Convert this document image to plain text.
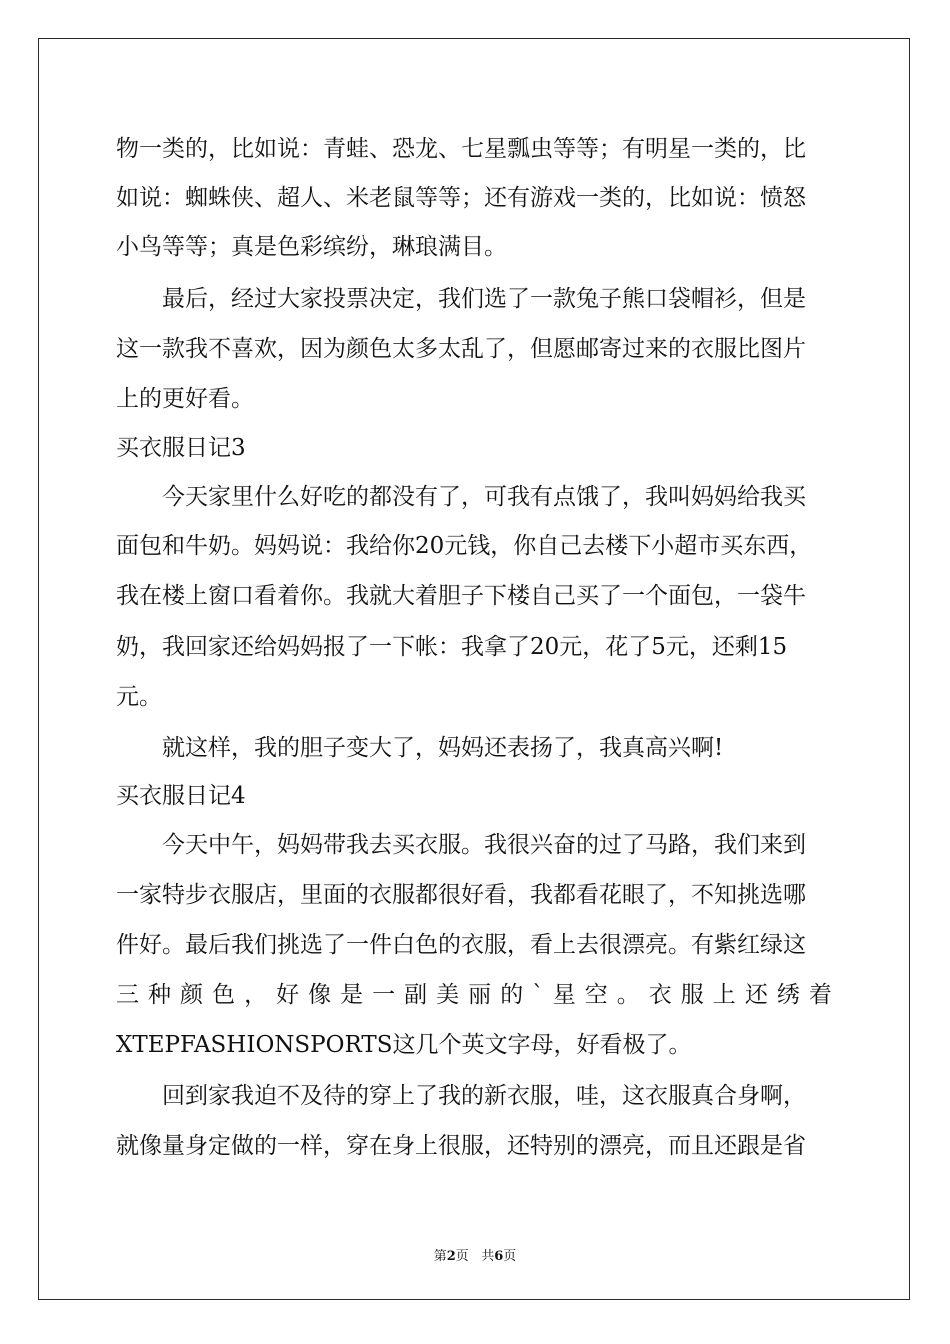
物一类的，比如说：青蛙、恐龙、七星瓢虫等等；有明星一类的，比
如说：蜘蛛侠、超人、米老鼠等等；还有游戏一类的，比如说：愤怒
小鸟等等；真是色彩缤纷，琳琅满目。
　　最后，经过大家投票决定，我们选了一款兔子熊口袋帽衫，但是
这一款我不喜欢，因为颜色太多太乱了，但愿邮寄过来的衣服比图片
上的更好看。
买衣服日记3
　　今天家里什么好吃的都没有了，可我有点饿了，我叫妈妈给我买
面包和牛奶。妈妈说：我给你20元钱，你自己去楼下小超市买东西，
我在楼上窗口看着你。我就大着胆子下楼自己买了一个面包，一袋牛
奶，我回家还给妈妈报了一下帐：我拿了20元，花了5元，还剩15
元。
　　就这样，我的胆子变大了，妈妈还表扬了，我真高兴啊!
买衣服日记4
　　今天中午，妈妈带我去买衣服。我很兴奋的过了马路，我们来到
一家特步衣服店，里面的衣服都很好看，我都看花眼了，不知挑选哪
件好。最后我们挑选了一件白色的衣服，看上去很漂亮。有紫红绿这
三 种 颜 色 ， 好 像 是 一 副 美 丽 的 ` 星 空 。 衣 服 上 还 绣 着
XTEPFASHIONSPORTS这几个英文字母，好看极了。
　　回到家我迫不及待的穿上了我的新衣服，哇，这衣服真合身啊，
就像量身定做的一样，穿在身上很服，还特别的漂亮，而且还跟是省
第2页 共6页
